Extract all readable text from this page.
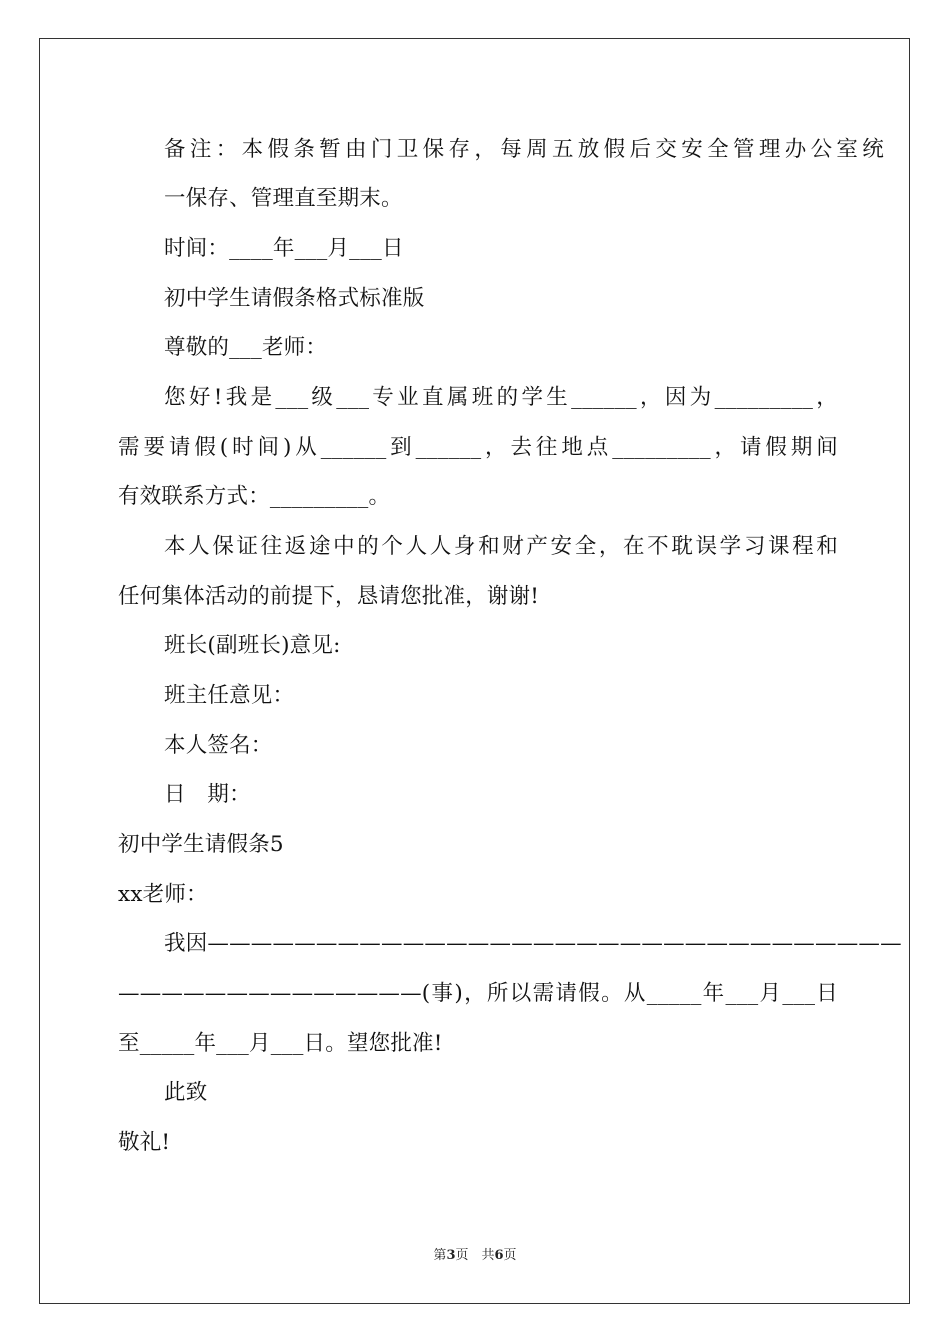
备注：本假条暂由门卫保存，每周五放假后交安全管理办公室统
一保存、管理直至期末。
时间：____年___月___日
初中学生请假条格式标准版
尊敬的___老师：
您好!我是___级___专业直属班的学生______，因为_________，
需要请假(时间)从______到______，去往地点_________，请假期间
有效联系方式：_________。
本人保证往返途中的个人人身和财产安全，在不耽误学习课程和
任何集体活动的前提下，恳请您批准，谢谢!
班长(副班长)意见:
班主任意见：
本人签名：
日　期：
初中学生请假条5
xx老师：
我因————————————————————————————————
——————————————(事)，所以需请假。从_____年___月___日
至_____年___月___日。望您批准!
此致
敬礼!
第3页　共6页
